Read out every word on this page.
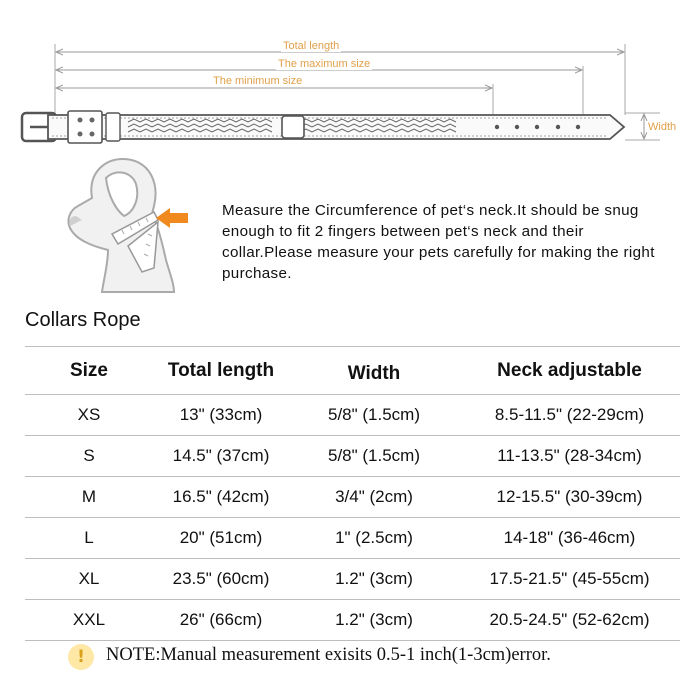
Total length
The maximum size
The minimum size
Width
Measure the Circumference of pet‘s neck.It should be snug enough to fit 2 fingers between pet‘s neck and their collar.Please measure your pets carefully for making the right purchase.
Collars Rope
Size	Total length	Width	Neck adjustable
XS	13" (33cm)	5/8" (1.5cm)	8.5-11.5" (22-29cm)
S	14.5" (37cm)	5/8" (1.5cm)	11-13.5" (28-34cm)
M	16.5" (42cm)	3/4" (2cm)	12-15.5" (30-39cm)
L	20" (51cm)	1" (2.5cm)	14-18" (36-46cm)
XL	23.5" (60cm)	1.2" (3cm)	17.5-21.5" (45-55cm)
XXL	26" (66cm)	1.2" (3cm)	20.5-24.5" (52-62cm)
!	NOTE:Manual measurement exisits 0.5-1 inch(1-3cm)error.
